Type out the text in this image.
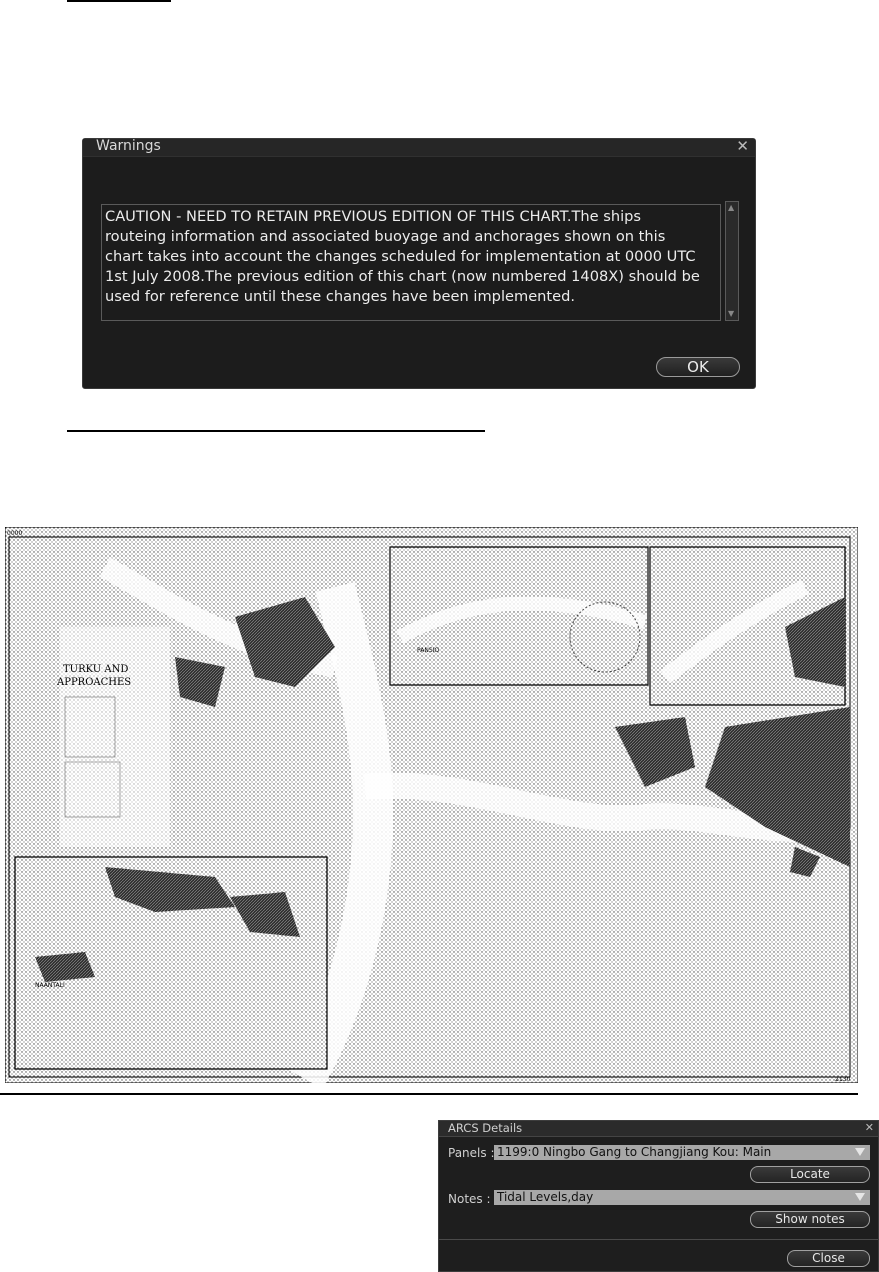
Warnings	✕
CAUTION - NEED TO RETAIN PREVIOUS EDITION OF THIS CHART.The ships routeing information and associated buoyage and anchorages shown on this chart takes into account the changes scheduled for implementation at 0000 UTC 1st July 2008.The previous edition of this chart (now numbered 1408X) should be used for reference until these changes have been implemented.
▲
▼
OK
TURKU AND
APPROACHES
PANSIO
NAANTALI
0000
2130
ARCS Details	✕
Panels : 1199:0 Ningbo Gang to Changjiang Kou: Main
Locate
Notes : Tidal Levels,day
Show notes
Close
